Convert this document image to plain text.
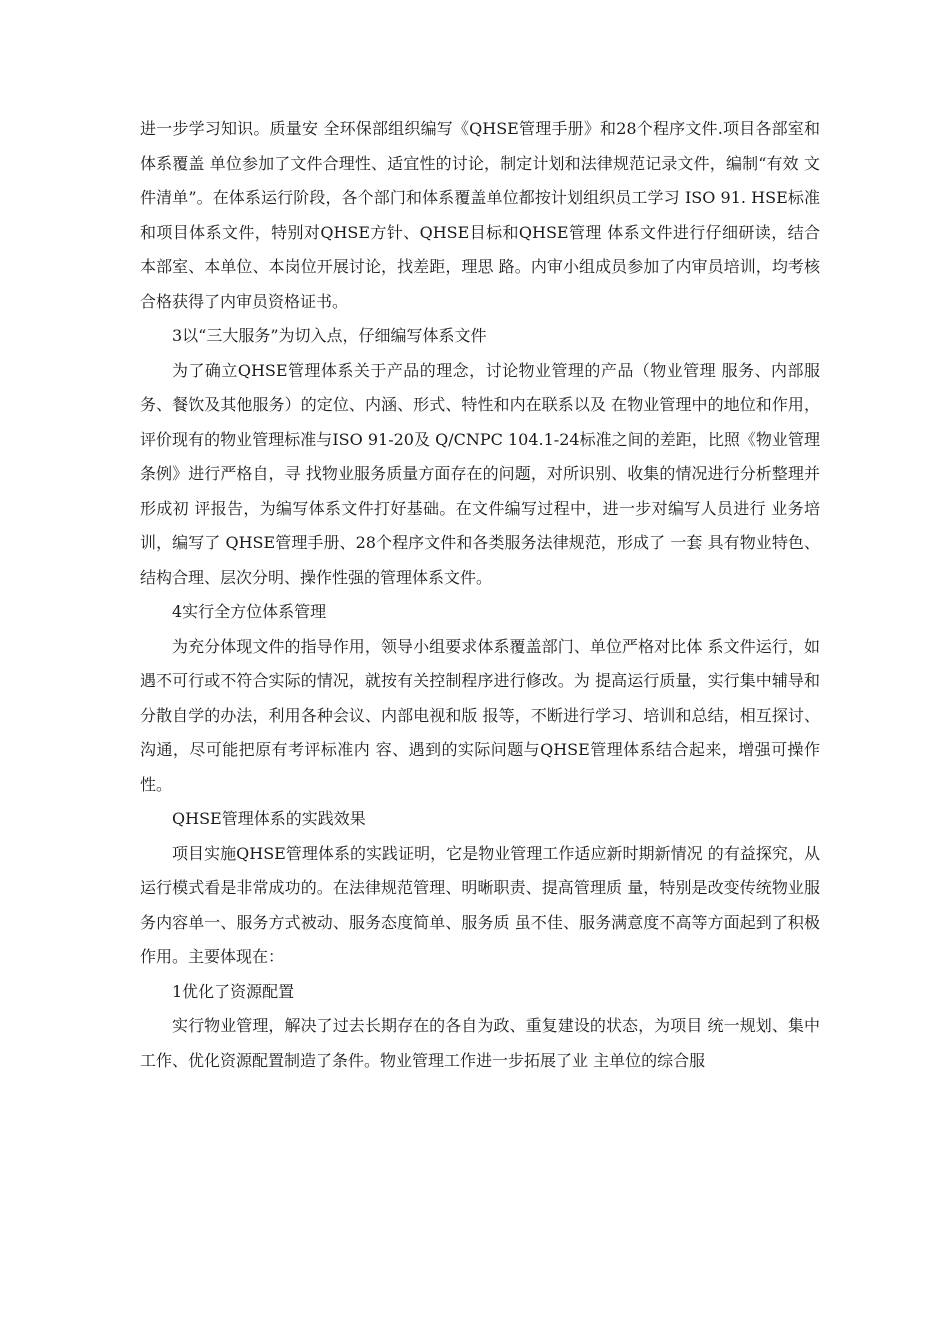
进一步学习知识。质量安 全环保部组织编写《QHSE管理手册》和28个程序文件.项目各部室和体系覆盖 单位参加了文件合理性、适宜性的讨论，制定计划和法律规范记录文件，编制“有效 文件清单”。在体系运行阶段，各个部门和体系覆盖单位都按计划组织员工学习 ISO 91. HSE标准和项目体系文件，特别对QHSE方针、QHSE目标和QHSE管理 体系文件进行仔细研读，结合本部室、本单位、本岗位开展讨论，找差距，理思 路。内审小组成员参加了内审员培训，均考核合格获得了内审员资格证书。

3以“三大服务”为切入点，仔细编写体系文件

为了确立QHSE管理体系关于产品的理念，讨论物业管理的产品（物业管理 服务、内部服务、餐饮及其他服务）的定位、内涵、形式、特性和内在联系以及 在物业管理中的地位和作用，评价现有的物业管理标准与ISO 91-20及 Q/CNPC 104.1-24标准之间的差距，比照《物业管理条例》进行严格自，寻 找物业服务质量方面存在的问题，对所识别、收集的情况进行分析整理并形成初 评报告，为编写体系文件打好基础。在文件编写过程中，进一步对编写人员进行 业务培训，编写了 QHSE管理手册、28个程序文件和各类服务法律规范，形成了 一套 具有物业特色、结构合理、层次分明、操作性强的管理体系文件。

4实行全方位体系管理

为充分体现文件的指导作用，领导小组要求体系覆盖部门、单位严格对比体 系文件运行，如遇不可行或不符合实际的情况，就按有关控制程序进行修改。为 提高运行质量，实行集中辅导和分散自学的办法，利用各种会议、内部电视和版 报等，不断进行学习、培训和总结，相互探讨、沟通，尽可能把原有考评标准内 容、遇到的实际问题与QHSE管理体系结合起来，增强可操作性。

QHSE管理体系的实践效果

项目实施QHSE管理体系的实践证明，它是物业管理工作适应新时期新情况 的有益探究，从运行模式看是非常成功的。在法律规范管理、明晰职责、提高管理质 量，特别是改变传统物业服务内容单一、服务方式被动、服务态度简单、服务质 虽不佳、服务满意度不高等方面起到了积极作用。主要体现在：

1优化了资源配置

实行物业管理，解决了过去长期存在的各自为政、重复建设的状态，为项目 统一规划、集中工作、优化资源配置制造了条件。物业管理工作进一步拓展了业 主单位的综合服
